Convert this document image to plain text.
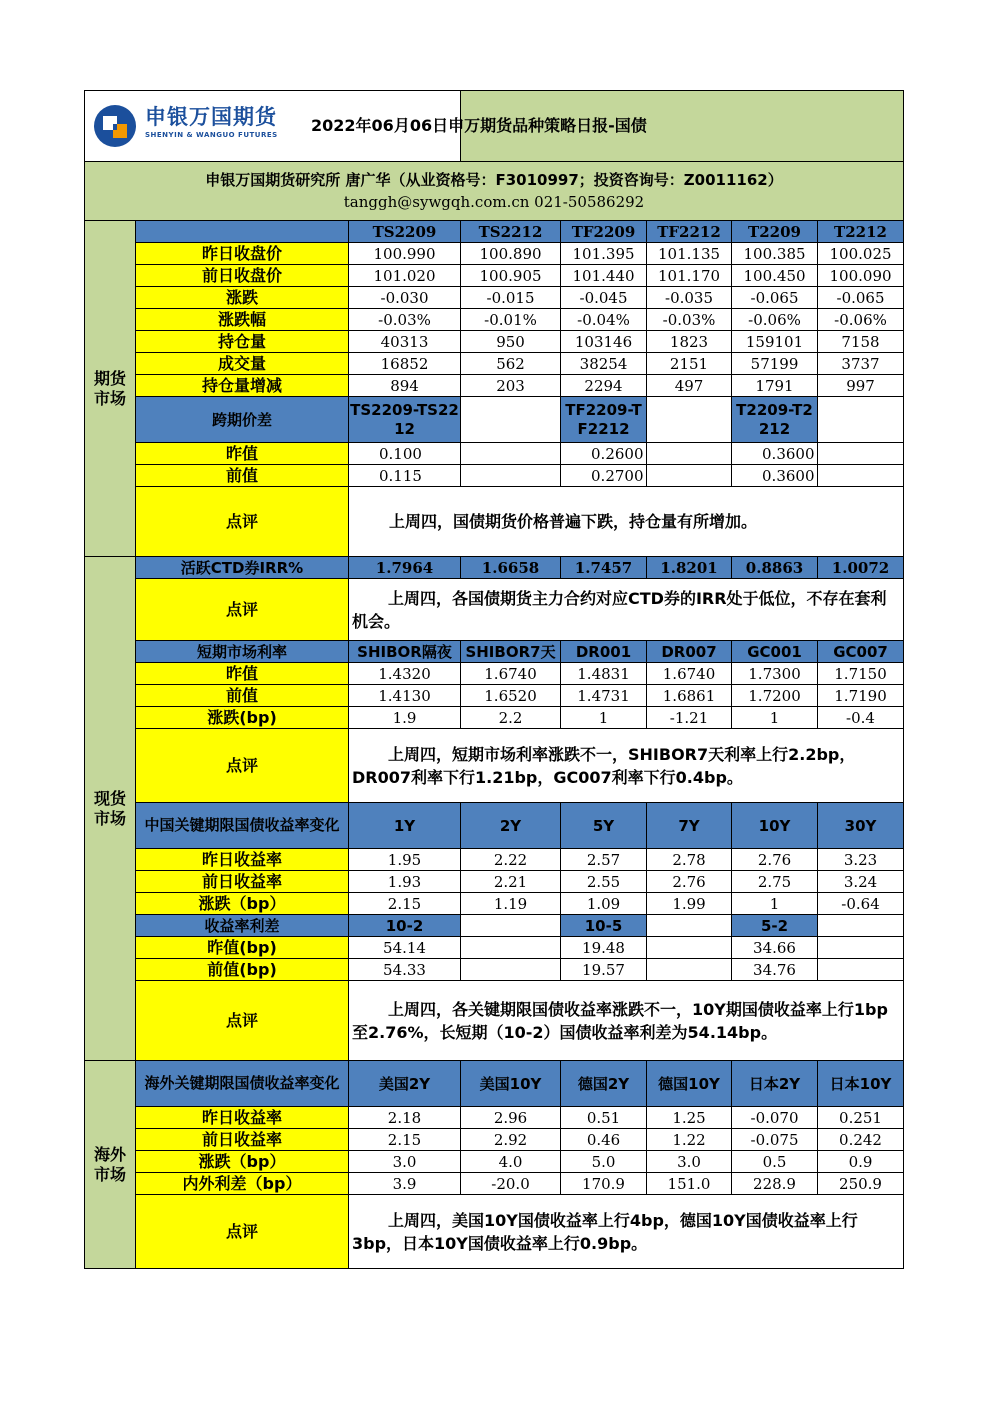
申银万国期货
SHENYIN & WANGUO FUTURES			2022年06月06日申万期货品种策略日报-国债				

申银万国期货研究所 唐广华（从业资格号：F3010997；投资咨询号：Z0011162）
tanggh@sywgqh.com.cn 021-50586292							

期货市场		TS2209	TS2212	TF2209	TF2212	T2209	T2212
	昨日收盘价	100.990	100.890	101.395	101.135	100.385	100.025
	前日收盘价	101.020	100.905	101.440	101.170	100.450	100.090
	涨跌	-0.030	-0.015	-0.045	-0.035	-0.065	-0.065
	涨跌幅	-0.03%	-0.01%	-0.04%	-0.03%	-0.06%	-0.06%
	持仓量	40313	950	103146	1823	159101	7158
	成交量	16852	562	38254	2151	57199	3737
	持仓量增减	894	203	2294	497	1791	997
	跨期价差	TS2209-TS2212		TF2209-TF2212		T2209-T2212	
	昨值	0.100		0.2600		0.3600	
	前值	0.115		0.2700		0.3600	
	点评	上周四，国债期货价格普遍下跌，持仓量有所增加。					
现货市场	活跃CTD券IRR%	1.7964	1.6658	1.7457	1.8201	0.8863	1.0072
	点评	上周四，各国债期货主力合约对应CTD券的IRR处于低位，不存在套利机会。					
	短期市场利率	SHIBOR隔夜	SHIBOR7天	DR001	DR007	GC001	GC007
	昨值	1.4320	1.6740	1.4831	1.6740	1.7300	1.7150
	前值	1.4130	1.6520	1.4731	1.6861	1.7200	1.7190
	涨跌(bp)	1.9	2.2	1	-1.21	1	-0.4
	点评	上周四，短期市场利率涨跌不一，SHIBOR7天利率上行2.2bp，DR007利率下行1.21bp，GC007利率下行0.4bp。					
	中国关键期限国债收益率变化	1Y	2Y	5Y	7Y	10Y	30Y
	昨日收益率	1.95	2.22	2.57	2.78	2.76	3.23
	前日收益率	1.93	2.21	2.55	2.76	2.75	3.24
	涨跌（bp）	2.15	1.19	1.09	1.99	1	-0.64
	收益率利差	10-2		10-5		5-2	
	昨值(bp)	54.14		19.48		34.66	
	前值(bp)	54.33		19.57		34.76	
	点评	上周四，各关键期限国债收益率涨跌不一，10Y期国债收益率上行1bp至2.76%，长短期（10-2）国债收益率利差为54.14bp。					
海外市场	海外关键期限国债收益率变化	美国2Y	美国10Y	德国2Y	德国10Y	日本2Y	日本10Y
	昨日收益率	2.18	2.96	0.51	1.25	-0.070	0.251
	前日收益率	2.15	2.92	0.46	1.22	-0.075	0.242
	涨跌（bp）	3.0	4.0	5.0	3.0	0.5	0.9
	内外利差（bp）	3.9	-20.0	170.9	151.0	228.9	250.9
	点评	上周四，美国10Y国债收益率上行4bp，德国10Y国债收益率上行3bp，日本10Y国债收益率上行0.9bp。					
